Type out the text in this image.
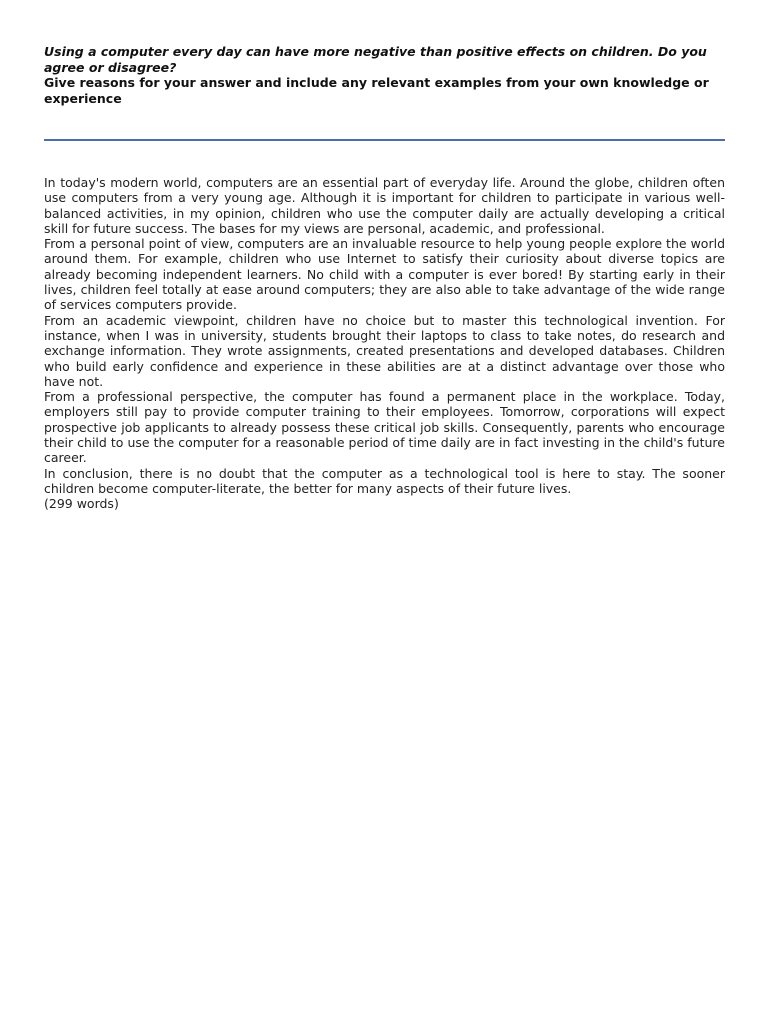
Using a computer every day can have more negative than positive effects on children. Do you agree or disagree?

Give reasons for your answer and include any relevant examples from your own knowledge or experience

In today's modern world, computers are an essential part of everyday life. Around the globe, children often use computers from a very young age. Although it is important for children to participate in various well-balanced activities, in my opinion, children who use the computer daily are actually developing a critical skill for future success. The bases for my views are personal, academic, and professional.

From a personal point of view, computers are an invaluable resource to help young people explore the world around them. For example, children who use Internet to satisfy their curiosity about diverse topics are already becoming independent learners. No child with a computer is ever bored! By starting early in their lives, children feel totally at ease around computers; they are also able to take advantage of the wide range of services computers provide.

From an academic viewpoint, children have no choice but to master this technological invention. For instance, when I was in university, students brought their laptops to class to take notes, do research and exchange information. They wrote assignments, created presentations and developed databases. Children who build early confidence and experience in these abilities are at a distinct advantage over those who have not.

From a professional perspective, the computer has found a permanent place in the workplace. Today, employers still pay to provide computer training to their employees. Tomorrow, corporations will expect prospective job applicants to already possess these critical job skills. Consequently, parents who encourage their child to use the computer for a reasonable period of time daily are in fact investing in the child's future career.

In conclusion, there is no doubt that the computer as a technological tool is here to stay. The sooner children become computer-literate, the better for many aspects of their future lives.

(299 words)
